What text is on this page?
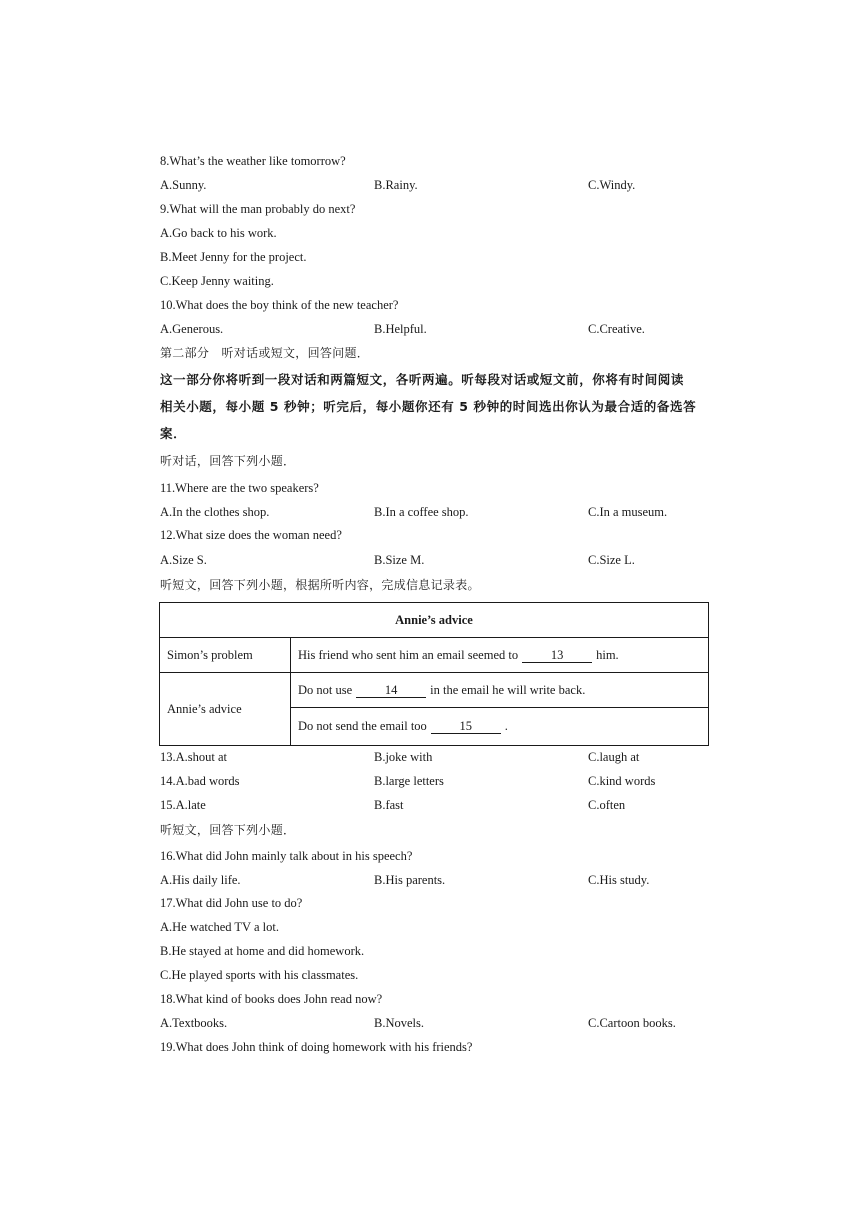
8.What’s the weather like tomorrow?
A.Sunny.	B.Rainy.	C.Windy.
9.What will the man probably do next?
A.Go back to his work.
B.Meet Jenny for the project.
C.Keep Jenny waiting.
10.What does the boy think of the new teacher?
A.Generous.	B.Helpful.	C.Creative.
第二部分　听对话或短文，回答问题．
这一部分你将听到一段对话和两篇短文，各听两遍。听每段对话或短文前，你将有时间阅读
相关小题，每小题 5 秒钟；听完后，每小题你还有 5 秒钟的时间选出你认为最合适的备选答
案．
听对话，回答下列小题．
11.Where are the two speakers?
A.In the clothes shop.	B.In a coffee shop.	C.In a museum.
12.What size does the woman need?
A.Size S.	B.Size M.	C.Size L.
听短文，回答下列小题，根据所听内容，完成信息记录表。
Annie’s advice	
Simon’s problem	His friend who sent him an email seemed to 13 him.
Annie’s advice	Do not use 14 in the email he will write back.
	Do not send the email too 15 .
13.A.shout at	B.joke with	C.laugh at
14.A.bad words	B.large letters	C.kind words
15.A.late	B.fast	C.often
听短文，回答下列小题．
16.What did John mainly talk about in his speech?
A.His daily life.	B.His parents.	C.His study.
17.What did John use to do?
A.He watched TV a lot.
B.He stayed at home and did homework.
C.He played sports with his classmates.
18.What kind of books does John read now?
A.Textbooks.	B.Novels.	C.Cartoon books.
19.What does John think of doing homework with his friends?
